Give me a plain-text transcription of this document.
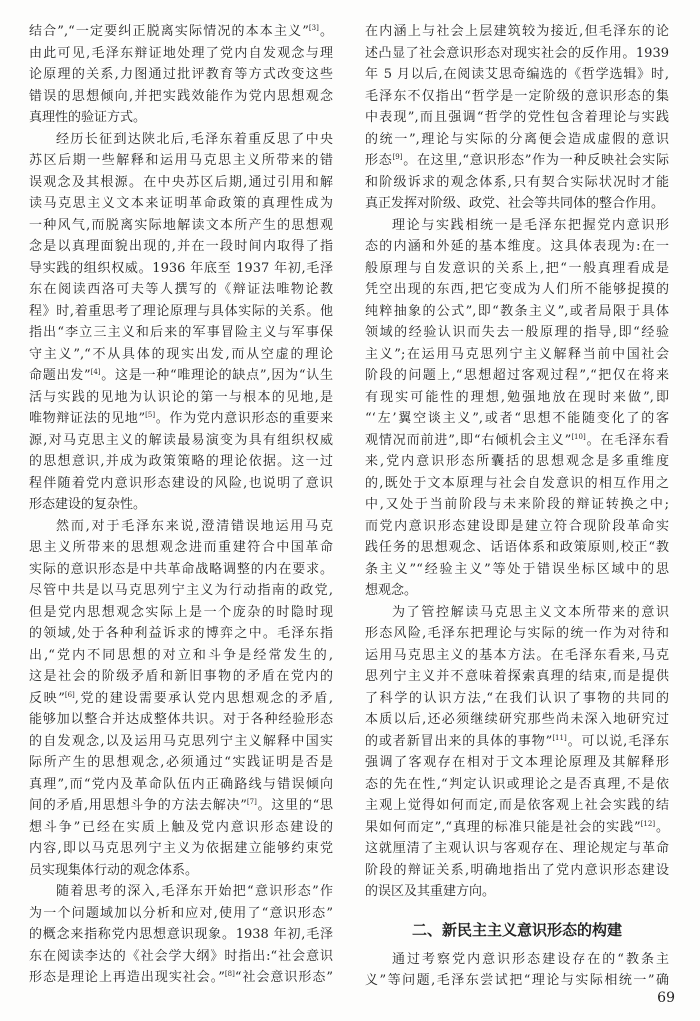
结合”,“一定要纠正脱离实际情况的本本主义”[3]。
由此可见,毛泽东辩证地处理了党内自发观念与理
论原理的关系,力图通过批评教育等方式改变这些
错误的思想倾向,并把实践效能作为党内思想观念
真理性的验证方式。
经历长征到达陕北后,毛泽东着重反思了中央
苏区后期一些解释和运用马克思主义所带来的错
误观念及其根源。在中央苏区后期,通过引用和解
读马克思主义文本来证明革命政策的真理性成为
一种风气,而脱离实际地解读文本所产生的思想观
念是以真理面貌出现的,并在一段时间内取得了指
导实践的组织权威。1936 年底至 1937 年初,毛泽
东在阅读西洛可夫等人撰写的《辩证法唯物论教
程》时,着重思考了理论原理与具体实际的关系。他
指出“李立三主义和后来的军事冒险主义与军事保
守主义”,“不从具体的现实出发,而从空虚的理论
命题出发”[4]。这是一种“唯理论的缺点”,因为“认生
活与实践的见地为认识论的第一与根本的见地,是
唯物辩证法的见地”[5]。作为党内意识形态的重要来
源,对马克思主义的解读最易演变为具有组织权威
的思想意识,并成为政策策略的理论依据。这一过
程伴随着党内意识形态建设的风险,也说明了意识
形态建设的复杂性。
然而,对于毛泽东来说,澄清错误地运用马克
思主义所带来的思想观念进而重建符合中国革命
实际的意识形态是中共革命战略调整的内在要求。
尽管中共是以马克思列宁主义为行动指南的政党,
但是党内思想观念实际上是一个庞杂的时隐时现
的领域,处于各种利益诉求的博弈之中。毛泽东指
出,“党内不同思想的对立和斗争是经常发生的,
这是社会的阶级矛盾和新旧事物的矛盾在党内的
反映”[6],党的建设需要承认党内思想观念的矛盾,
能够加以整合并达成整体共识。对于各种经验形态
的自发观念,以及运用马克思列宁主义解释中国实
际所产生的思想观念,必须通过“实践证明是否是
真理”,而“党内及革命队伍内正确路线与错误倾向
间的矛盾,用思想斗争的方法去解决”[7]。这里的“思
想斗争”已经在实质上触及党内意识形态建设的
内容,即以马克思列宁主义为依据建立能够约束党
员实现集体行动的观念体系。
随着思考的深入,毛泽东开始把“意识形态”作
为一个问题域加以分析和应对,使用了“意识形态”
的概念来指称党内思想意识现象。1938 年初,毛泽
东在阅读李达的《社会学大纲》时指出:“社会意识
形态是理论上再造出现实社会。”[8]“社会意识形态”
在内涵上与社会上层建筑较为接近,但毛泽东的论
述凸显了社会意识形态对现实社会的反作用。1939
年 5 月以后,在阅读艾思奇编选的《哲学选辑》时,
毛泽东不仅指出“哲学是一定阶级的意识形态的集
中表现”,而且强调“哲学的党性包含着理论与实践
的统一”,理论与实际的分离便会造成虚假的意识
形态[9]。在这里,“意识形态”作为一种反映社会实际
和阶级诉求的观念体系,只有契合实际状况时才能
真正发挥对阶级、政党、社会等共同体的整合作用。
理论与实践相统一是毛泽东把握党内意识形
态的内涵和外延的基本维度。这具体表现为:在一
般原理与自发意识的关系上,把“一般真理看成是
凭空出现的东西,把它变成为人们所不能够捉摸的
纯粹抽象的公式”,即“教条主义”,或者局限于具体
领域的经验认识而失去一般原理的指导,即“经验
主义”;在运用马克思列宁主义解释当前中国社会
阶段的问题上,“思想超过客观过程”,“把仅在将来
有现实可能性的理想,勉强地放在现时来做”,即
“‘左’翼空谈主义”,或者“思想不能随变化了的客
观情况而前进”,即“右倾机会主义”[10]。在毛泽东看
来,党内意识形态所囊括的思想观念是多重维度
的,既处于文本原理与社会自发意识的相互作用之
中,又处于当前阶段与未来阶段的辩证转换之中;
而党内意识形态建设即是建立符合现阶段革命实
践任务的思想观念、话语体系和政策原则,校正“教
条主义”“经验主义”等处于错误坐标区域中的思
想观念。
为了管控解读马克思主义文本所带来的意识
形态风险,毛泽东把理论与实际的统一作为对待和
运用马克思主义的基本方法。在毛泽东看来,马克
思列宁主义并不意味着探索真理的结束,而是提供
了科学的认识方法,“在我们认识了事物的共同的
本质以后,还必须继续研究那些尚未深入地研究过
的或者新冒出来的具体的事物”[11]。可以说,毛泽东
强调了客观存在相对于文本理论原理及其解释形
态的先在性,“判定认识或理论之是否真理,不是依
主观上觉得如何而定,而是依客观上社会实践的结
果如何而定”,“真理的标准只能是社会的实践”[12]。
这就厘清了主观认识与客观存在、理论规定与革命
阶段的辩证关系,明确地指出了党内意识形态建设
的误区及其重建方向。
二、新民主主义意识形态的构建
通过考察党内意识形态建设存在的“教条主
义”等问题,毛泽东尝试把“理论与实际相统一”确
69
